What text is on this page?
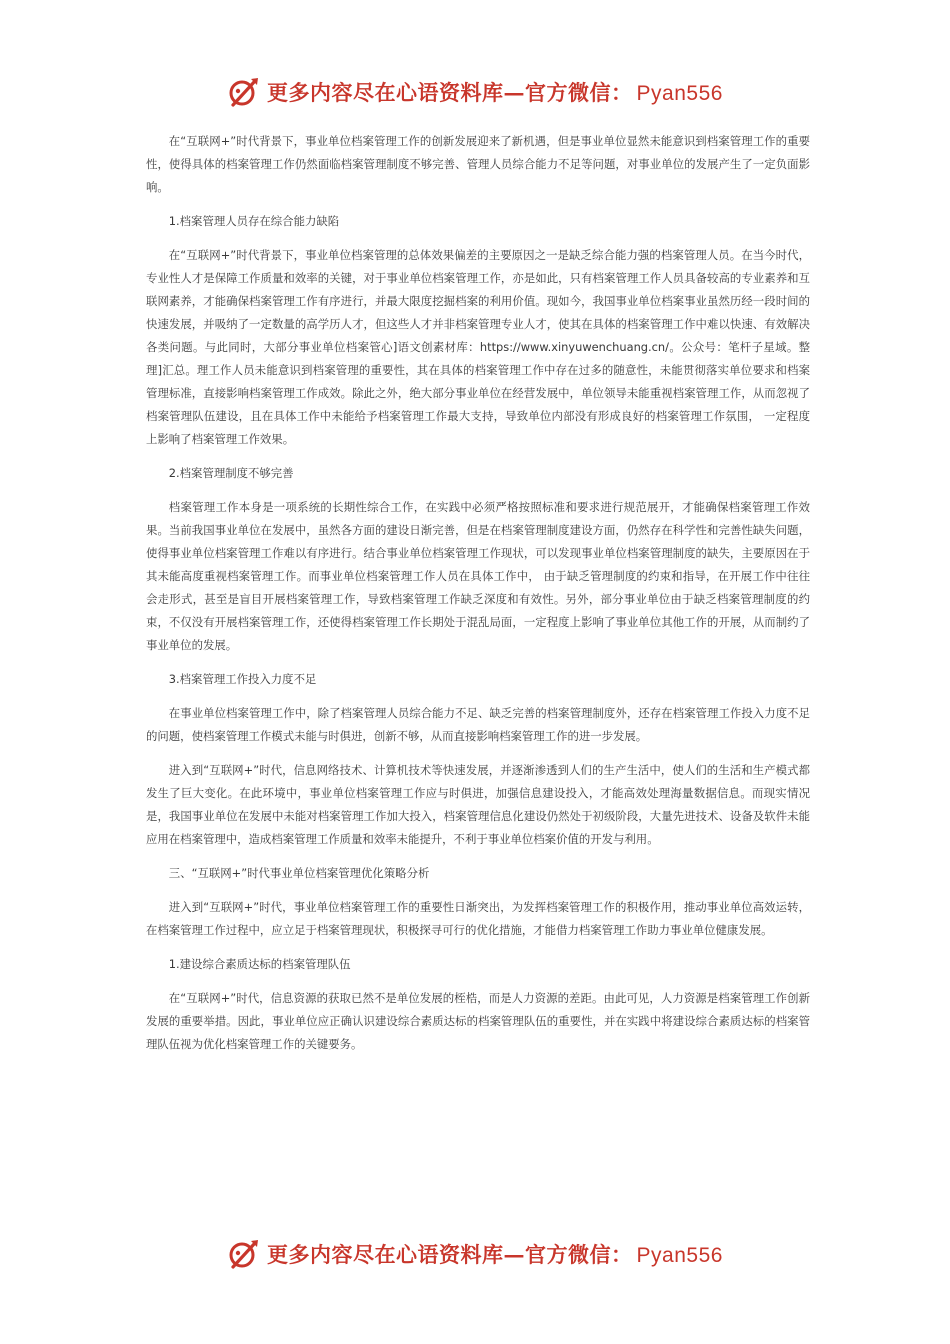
更多内容尽在心语资料库—官方微信： Pyan556

在“互联网+”时代背景下，事业单位档案管理工作的创新发展迎来了新机遇，但是事业单位显然未能意识到档案管理工作的重要性，使得具体的档案管理工作仍然面临档案管理制度不够完善、管理人员综合能力不足等问题，对事业单位的发展产生了一定负面影响。

1.档案管理人员存在综合能力缺陷

在“互联网+”时代背景下，事业单位档案管理的总体效果偏差的主要原因之一是缺乏综合能力强的档案管理人员。在当今时代，专业性人才是保障工作质量和效率的关键，对于事业单位档案管理工作，亦是如此，只有档案管理工作人员具备较高的专业素养和互联网素养，才能确保档案管理工作有序进行，并最大限度挖掘档案的利用价值。现如今，我国事业单位档案事业虽然历经一段时间的快速发展，并吸纳了一定数量的高学历人才，但这些人才并非档案管理专业人才，使其在具体的档案管理工作中难以快速、有效解决各类问题。与此同时，大部分事业单位档案管心]语文创素材库：https://www.xinyuwenchuang.cn/。公众号：笔杆子星域。整理]汇总。理工作人员未能意识到档案管理的重要性，其在具体的档案管理工作中存在过多的随意性，未能贯彻落实单位要求和档案管理标准，直接影响档案管理工作成效。除此之外，绝大部分事业单位在经营发展中，单位领导未能重视档案管理工作，从而忽视了档案管理队伍建设，且在具体工作中未能给予档案管理工作最大支持，导致单位内部没有形成良好的档案管理工作氛围， 一定程度上影响了档案管理工作效果。

2.档案管理制度不够完善

档案管理工作本身是一项系统的长期性综合工作，在实践中必须严格按照标准和要求进行规范展开，才能确保档案管理工作效果。当前我国事业单位在发展中，虽然各方面的建设日渐完善，但是在档案管理制度建设方面，仍然存在科学性和完善性缺失问题，使得事业单位档案管理工作难以有序进行。结合事业单位档案管理工作现状，可以发现事业单位档案管理制度的缺失，主要原因在于其未能高度重视档案管理工作。而事业单位档案管理工作人员在具体工作中， 由于缺乏管理制度的约束和指导，在开展工作中往往会走形式，甚至是盲目开展档案管理工作，导致档案管理工作缺乏深度和有效性。另外，部分事业单位由于缺乏档案管理制度的约束，不仅没有开展档案管理工作，还使得档案管理工作长期处于混乱局面，一定程度上影响了事业单位其他工作的开展，从而制约了事业单位的发展。

3.档案管理工作投入力度不足

在事业单位档案管理工作中，除了档案管理人员综合能力不足、缺乏完善的档案管理制度外，还存在档案管理工作投入力度不足的问题，使档案管理工作模式未能与时俱进，创新不够，从而直接影响档案管理工作的进一步发展。

进入到“互联网+”时代，信息网络技术、计算机技术等快速发展，并逐渐渗透到人们的生产生活中，使人们的生活和生产模式都发生了巨大变化。在此环境中，事业单位档案管理工作应与时俱进，加强信息建设投入，才能高效处理海量数据信息。而现实情况是，我国事业单位在发展中未能对档案管理工作加大投入，档案管理信息化建设仍然处于初级阶段，大量先进技术、设备及软件未能应用在档案管理中，造成档案管理工作质量和效率未能提升，不利于事业单位档案价值的开发与利用。

三、“互联网+”时代事业单位档案管理优化策略分析

进入到“互联网+”时代，事业单位档案管理工作的重要性日渐突出，为发挥档案管理工作的积极作用，推动事业单位高效运转，在档案管理工作过程中，应立足于档案管理现状，积极探寻可行的优化措施，才能借力档案管理工作助力事业单位健康发展。

1.建设综合素质达标的档案管理队伍

在“互联网+”时代，信息资源的获取已然不是单位发展的桎梏，而是人力资源的差距。由此可见，人力资源是档案管理工作创新发展的重要举措。因此，事业单位应正确认识建设综合素质达标的档案管理队伍的重要性，并在实践中将建设综合素质达标的档案管理队伍视为优化档案管理工作的关键要务。

更多内容尽在心语资料库—官方微信： Pyan556
